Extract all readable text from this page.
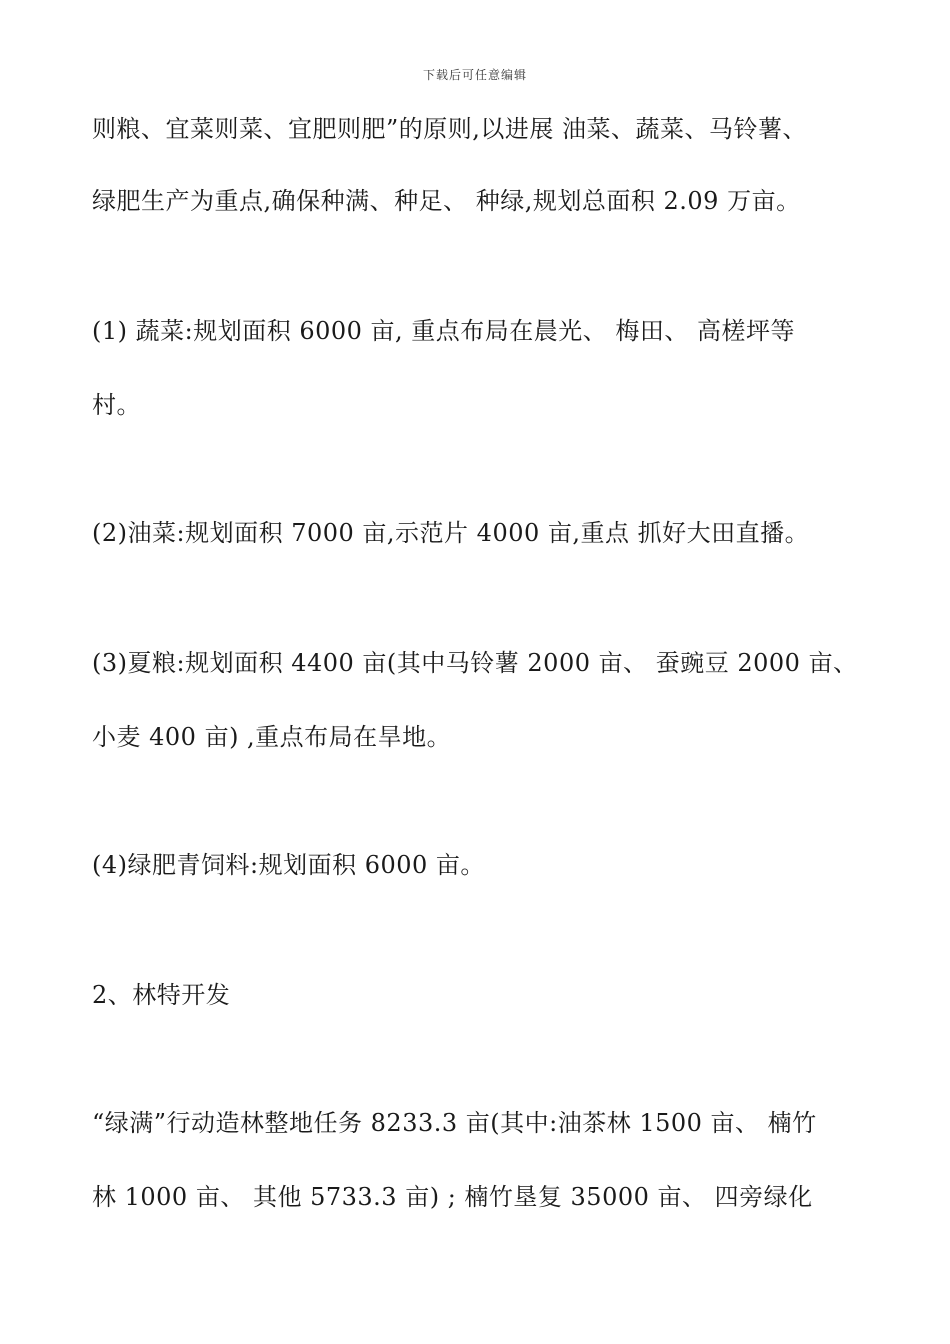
下载后可任意编辑
则粮、宜菜则菜、宜肥则肥”的原则,以进展 油菜、蔬菜、马铃薯、
绿肥生产为重点,确保种满、种足、 种绿,规划总面积 2.09 万亩。
(1) 蔬菜:规划面积 6000 亩, 重点布局在晨光、 梅田、 高槎坪等
村。
(2)油菜:规划面积 7000 亩,示范片 4000 亩,重点 抓好大田直播。
(3)夏粮:规划面积 4400 亩(其中马铃薯 2000 亩、 蚕豌豆 2000 亩、
小麦 400 亩) ,重点布局在旱地。
(4)绿肥青饲料:规划面积 6000 亩。
2、林特开发
“绿满”行动造林整地任务 8233.3 亩(其中:油茶林 1500 亩、 楠竹
林 1000 亩、 其他 5733.3 亩) ; 楠竹垦复 35000 亩、 四旁绿化
